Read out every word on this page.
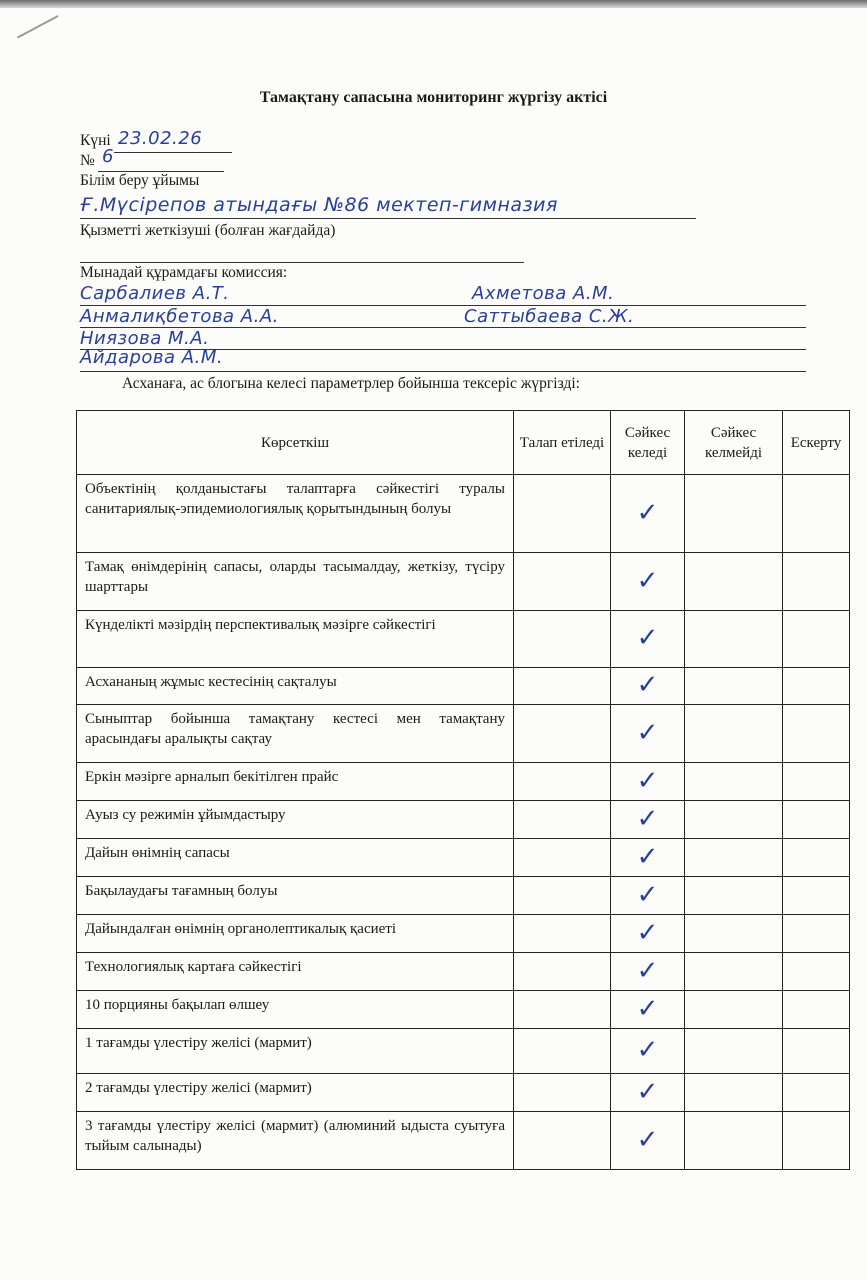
Тамақтану сапасына мониторинг жүргізу актісі
Күні 23.02.26
№ 6
Білім беру ұйымы
Ғ.Мүсірепов атындағы №86 мектеп-гимназия
Қызметті жеткізуші (болған жағдайда)
Мынадай құрамдағы комиссия:
Сарбалиев А.Т.
Анмалиқбетова А.А.
Ниязова М.А.
Айдарова А.М.
Ахметова А.М.
Саттыбаева С.Ж.
Асханаға, ас блогына келесі параметрлер бойынша тексеріс жүргізді:
Көрсеткіш	Талап етіледі	Сәйкес келеді	Сәйкес келмейді	Ескерту
Объектінің қолданыстағы талаптарға сәйкестігі туралы санитариялық-эпидемиологиялық қорытындының болуы		✓		
Тамақ өнімдерінің сапасы, оларды тасымалдау, жеткізу, түсіру шарттары		✓		
Күнделікті мәзірдің перспективалық мәзірге сәйкестігі		✓		
Асхананың жұмыс кестесінің сақталуы		✓		
Сыныптар бойынша тамақтану кестесі мен тамақтану арасындағы аралықты сақтау		✓		
Еркін мәзірге арналып бекітілген прайс		✓		
Ауыз су режимін ұйымдастыру		✓		
Дайын өнімнің сапасы		✓		
Бақылаудағы тағамның болуы		✓		
Дайындалған өнімнің органолептикалық қасиеті		✓		
Технологиялық картаға сәйкестігі		✓		
10 порцияны бақылап өлшеу		✓		
1 тағамды үлестіру желісі (мармит)		✓		
2 тағамды үлестіру желісі (мармит)		✓		
3 тағамды үлестіру желісі (мармит) (алюминий ыдыста суытуға тыйым салынады)		✓		
